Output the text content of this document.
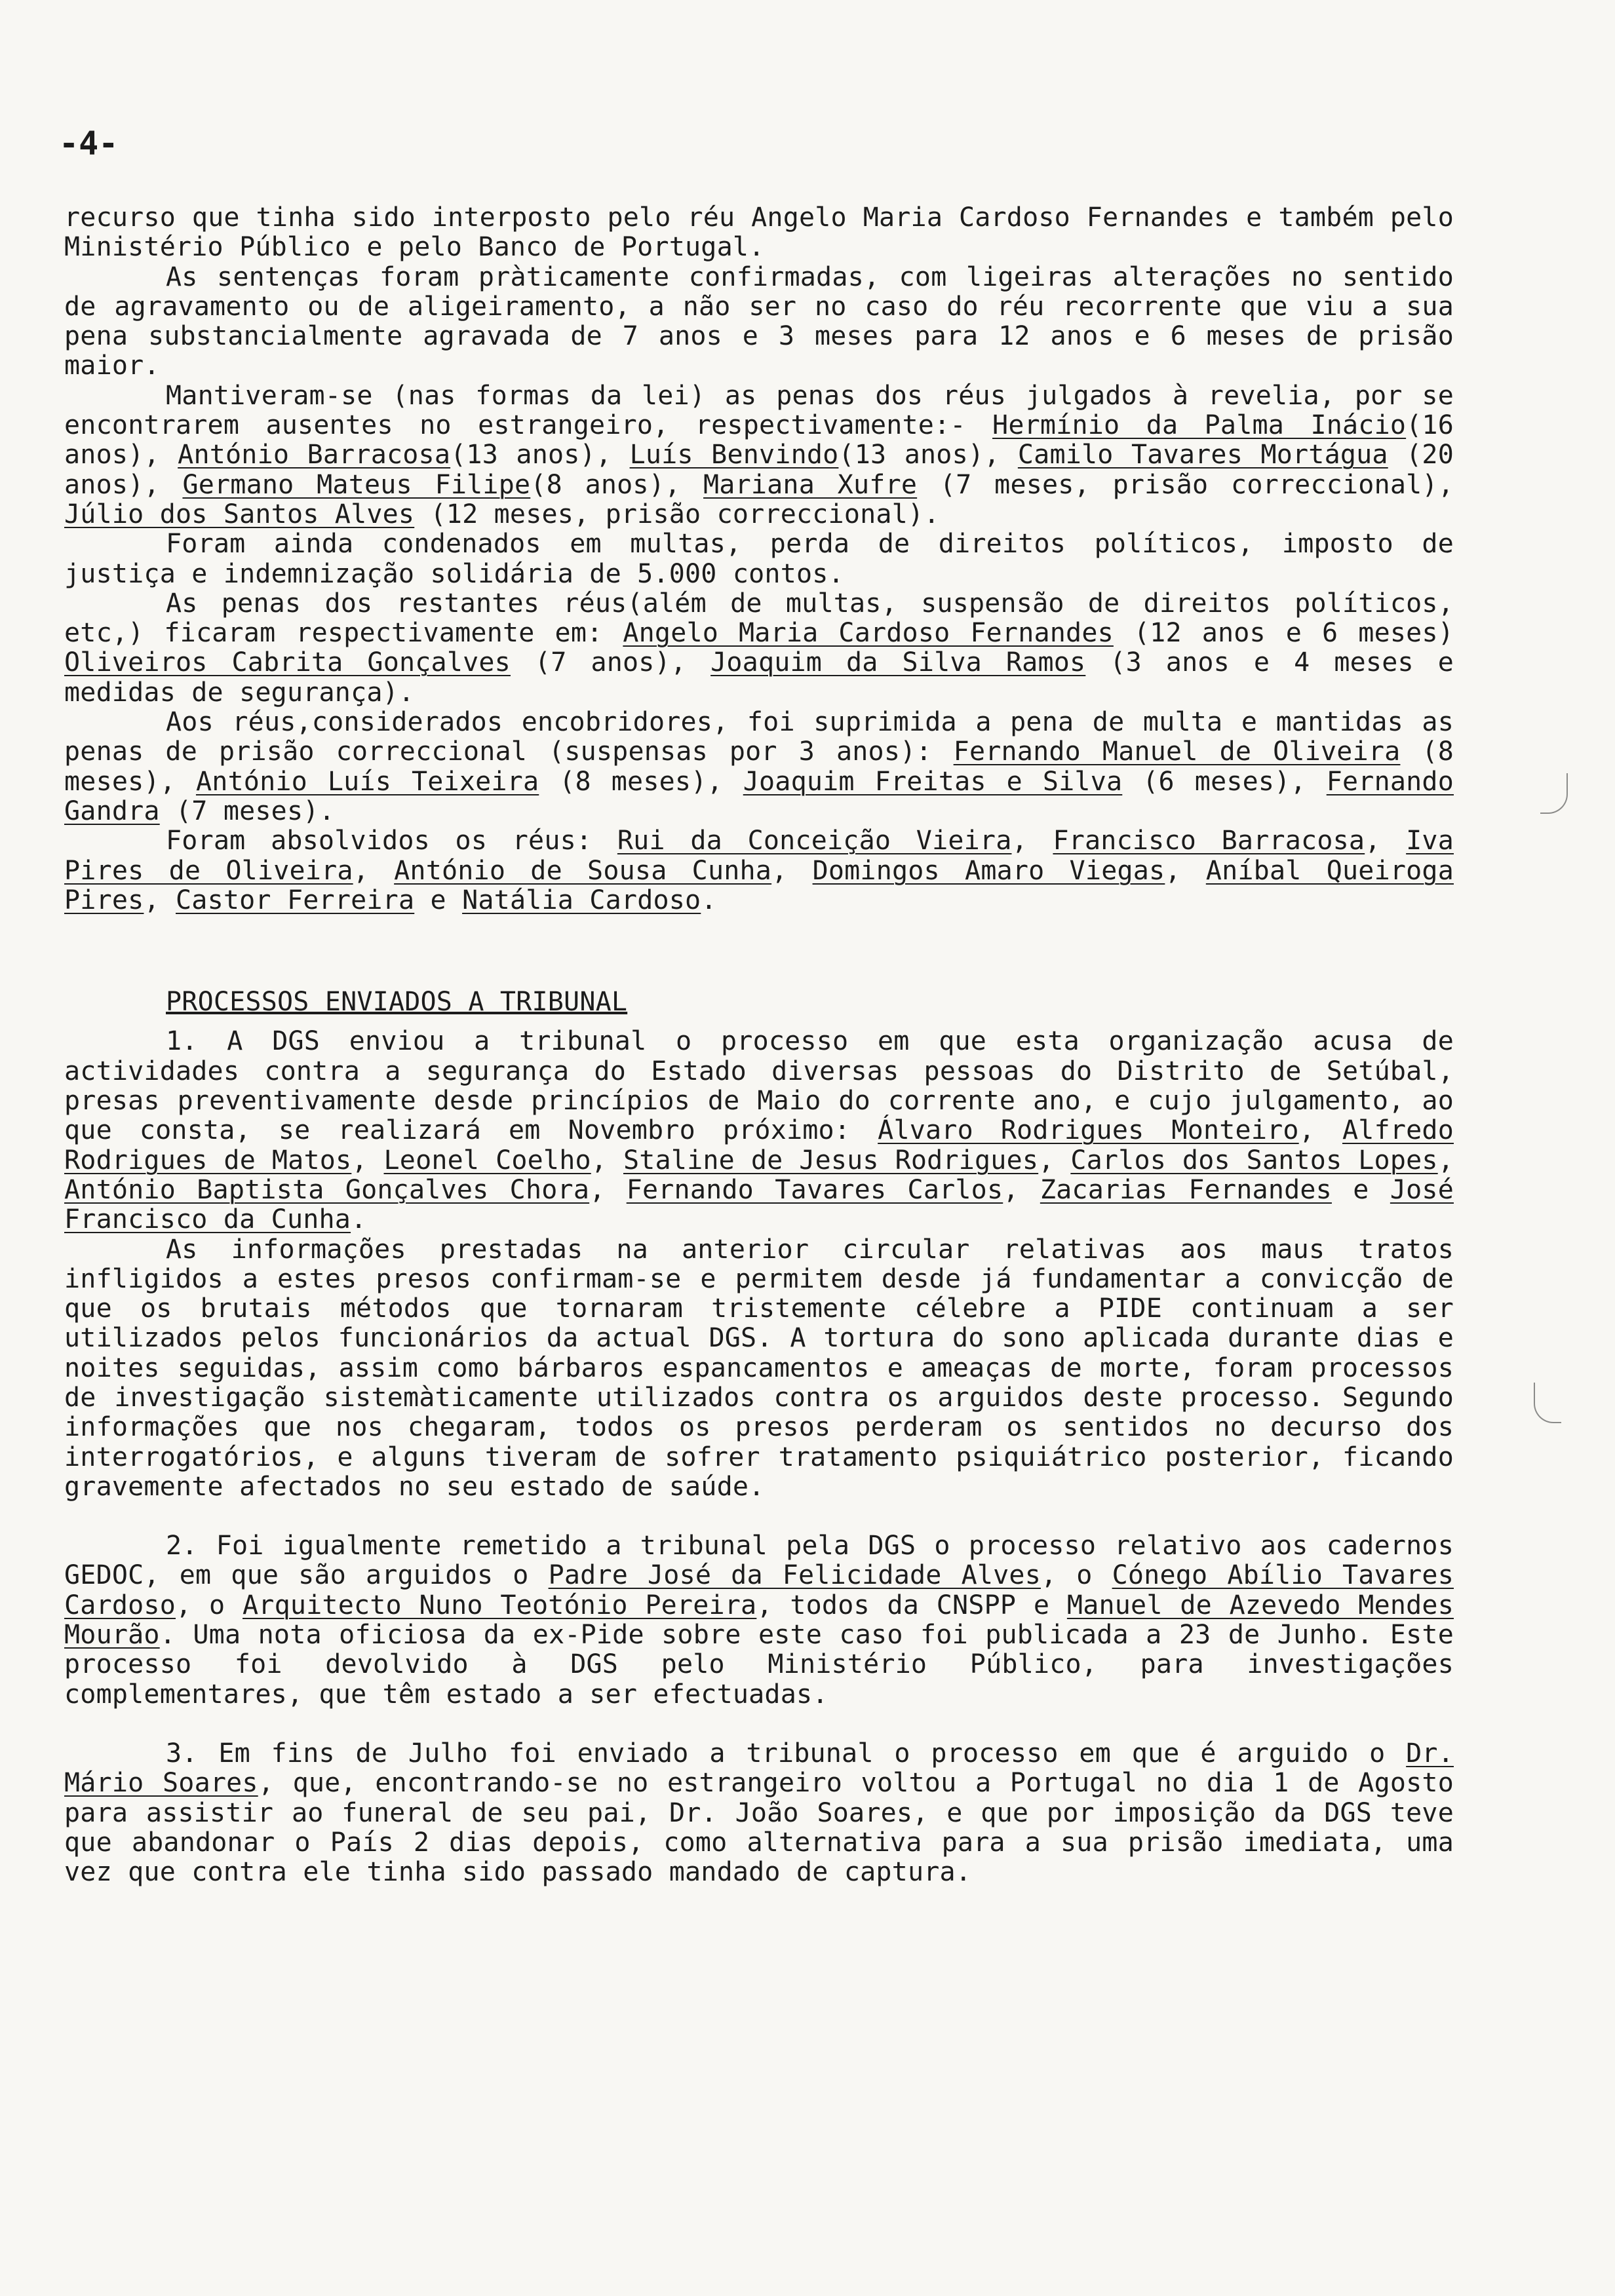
-4-

recurso que tinha sido interposto pelo réu Angelo Maria Cardoso Fernandes e também pelo Ministério Público e pelo Banco de Portugal.

As sentenças foram pràticamente confirmadas, com ligeiras alterações no sentido de agravamento ou de aligeiramento, a não ser no caso do réu recorrente que viu a sua pena substancialmente agravada de 7 anos e 3 meses para 12 anos e 6 meses de prisão maior.

Mantiveram-se (nas formas da lei) as penas dos réus julgados à revelia, por se encontrarem ausentes no estrangeiro, respectivamente:- Hermínio da Palma Inácio(16 anos), António Barracosa(13 anos), Luís Benvindo(13 anos), Camilo Tavares Mortágua (20 anos), Germano Mateus Filipe(8 anos), Mariana Xufre (7 meses, prisão correccional), Júlio dos Santos Alves (12 meses, prisão correccional).

Foram ainda condenados em multas, perda de direitos políticos, imposto de justiça e indemnização solidária de 5.000 contos.

As penas dos restantes réus(além de multas, suspensão de direitos políticos, etc,) ficaram respectivamente em: Angelo Maria Cardoso Fernandes (12 anos e 6 meses) Oliveiros Cabrita Gonçalves (7 anos), Joaquim da Silva Ramos (3 anos e 4 meses e medidas de segurança).

Aos réus,considerados encobridores, foi suprimida a pena de multa e mantidas as penas de prisão correccional (suspensas por 3 anos): Fernando Manuel de Oliveira (8 meses), António Luís Teixeira (8 meses), Joaquim Freitas e Silva (6 meses), Fernando Gandra (7 meses).

Foram absolvidos os réus: Rui da Conceição Vieira, Francisco Barracosa, Iva Pires de Oliveira, António de Sousa Cunha, Domingos Amaro Viegas, Aníbal Queiroga Pires, Castor Ferreira e Natália Cardoso.

PROCESSOS ENVIADOS A TRIBUNAL

1. A DGS enviou a tribunal o processo em que esta organização acusa de actividades contra a segurança do Estado diversas pessoas do Distrito de Setúbal, presas preventivamente desde princípios de Maio do corrente ano, e cujo julgamento, ao que consta, se realizará em Novembro próximo: Álvaro Rodrigues Monteiro, Alfredo Rodrigues de Matos, Leonel Coelho, Staline de Jesus Rodrigues, Carlos dos Santos Lopes, António Baptista Gonçalves Chora, Fernando Tavares Carlos, Zacarias Fernandes e José Francisco da Cunha.

As informações prestadas na anterior circular relativas aos maus tratos infligidos a estes presos confirmam-se e permitem desde já fundamentar a convicção de que os brutais métodos que tornaram tristemente célebre a PIDE continuam a ser utilizados pelos funcionários da actual DGS. A tortura do sono aplicada durante dias e noites seguidas, assim como bárbaros espancamentos e ameaças de morte, foram processos de investigação sistemàticamente utilizados contra os arguidos deste processo. Segundo informações que nos chegaram, todos os presos perderam os sentidos no decurso dos interrogatórios, e alguns tiveram de sofrer tratamento psiquiátrico posterior, ficando gravemente afectados no seu estado de saúde.

2. Foi igualmente remetido a tribunal pela DGS o processo relativo aos cadernos GEDOC, em que são arguidos o Padre José da Felicidade Alves, o Cónego Abílio Tavares Cardoso, o Arquitecto Nuno Teotónio Pereira, todos da CNSPP e Manuel de Azevedo Mendes Mourão. Uma nota oficiosa da ex-Pide sobre este caso foi publicada a 23 de Junho. Este processo foi devolvido à DGS pelo Ministério Público, para investigações complementares, que têm estado a ser efectuadas.

3. Em fins de Julho foi enviado a tribunal o processo em que é arguido o Dr. Mário Soares, que, encontrando-se no estrangeiro voltou a Portugal no dia 1 de Agosto para assistir ao funeral de seu pai, Dr. João Soares, e que por imposição da DGS teve que abandonar o País 2 dias depois, como alternativa para a sua prisão imediata, uma vez que contra ele tinha sido passado mandado de captura.
